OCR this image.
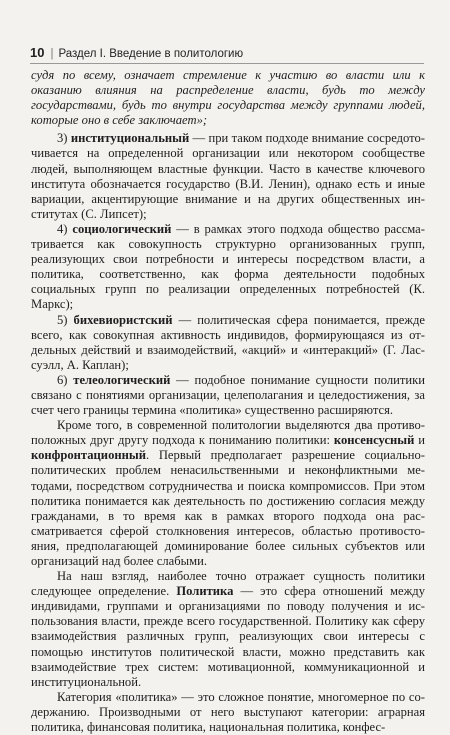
10 | Раздел I. Введение в политологию

судя по всему, означает стремление к участию во власти или к оказанию влияния на распределение власти, будь то между государствами, будь то внутри государства между группами людей, которые оно в себе заключает»;

3) институциональный — при таком подходе внимание сосредоточивается на определенной организации или некотором сообществе людей, выполняющем властные функции. Часто в качестве ключевого института обозначается государство (В.И. Ленин), однако есть и иные вариации, акцентирующие внимание и на других общественных институтах (С. Липсет);

4) социологический — в рамках этого подхода общество рассматривается как совокупность структурно организованных групп, реализующих свои потребности и интересы посредством власти, а политика, соответственно, как форма деятельности подобных социальных групп по реализации определенных потребностей (К. Маркс);

5) бихевиористский — политическая сфера понимается, прежде всего, как совокупная активность индивидов, формирующаяся из отдельных действий и взаимодействий, «акций» и «интеракций» (Г. Лассуэлл, А. Каплан);

6) телеологический — подобное понимание сущности политики связано с понятиями организации, целеполагания и целедостижения, за счет чего границы термина «политика» существенно расширяются.

Кроме того, в современной политологии выделяются два противоположных друг другу подхода к пониманию политики: консенсусный и конфронтационный. Первый предполагает разрешение социально-политических проблем ненасильственными и неконфликтными методами, посредством сотрудничества и поиска компромиссов. При этом политика понимается как деятельность по достижению согласия между гражданами, в то время как в рамках второго подхода она рассматривается сферой столкновения интересов, областью противостояния, предполагающей доминирование более сильных субъектов или организаций над более слабыми.

На наш взгляд, наиболее точно отражает сущность политики следующее определение. Политика — это сфера отношений между индивидами, группами и организациями по поводу получения и использования власти, прежде всего государственной. Политику как сферу взаимодействия различных групп, реализующих свои интересы с помощью институтов политической власти, можно представить как взаимодействие трех систем: мотивационной, коммуникационной и институциональной.

Категория «политика» — это сложное понятие, многомерное по содержанию. Производными от него выступают категории: аграрная политика, финансовая политика, национальная политика, конфес-
